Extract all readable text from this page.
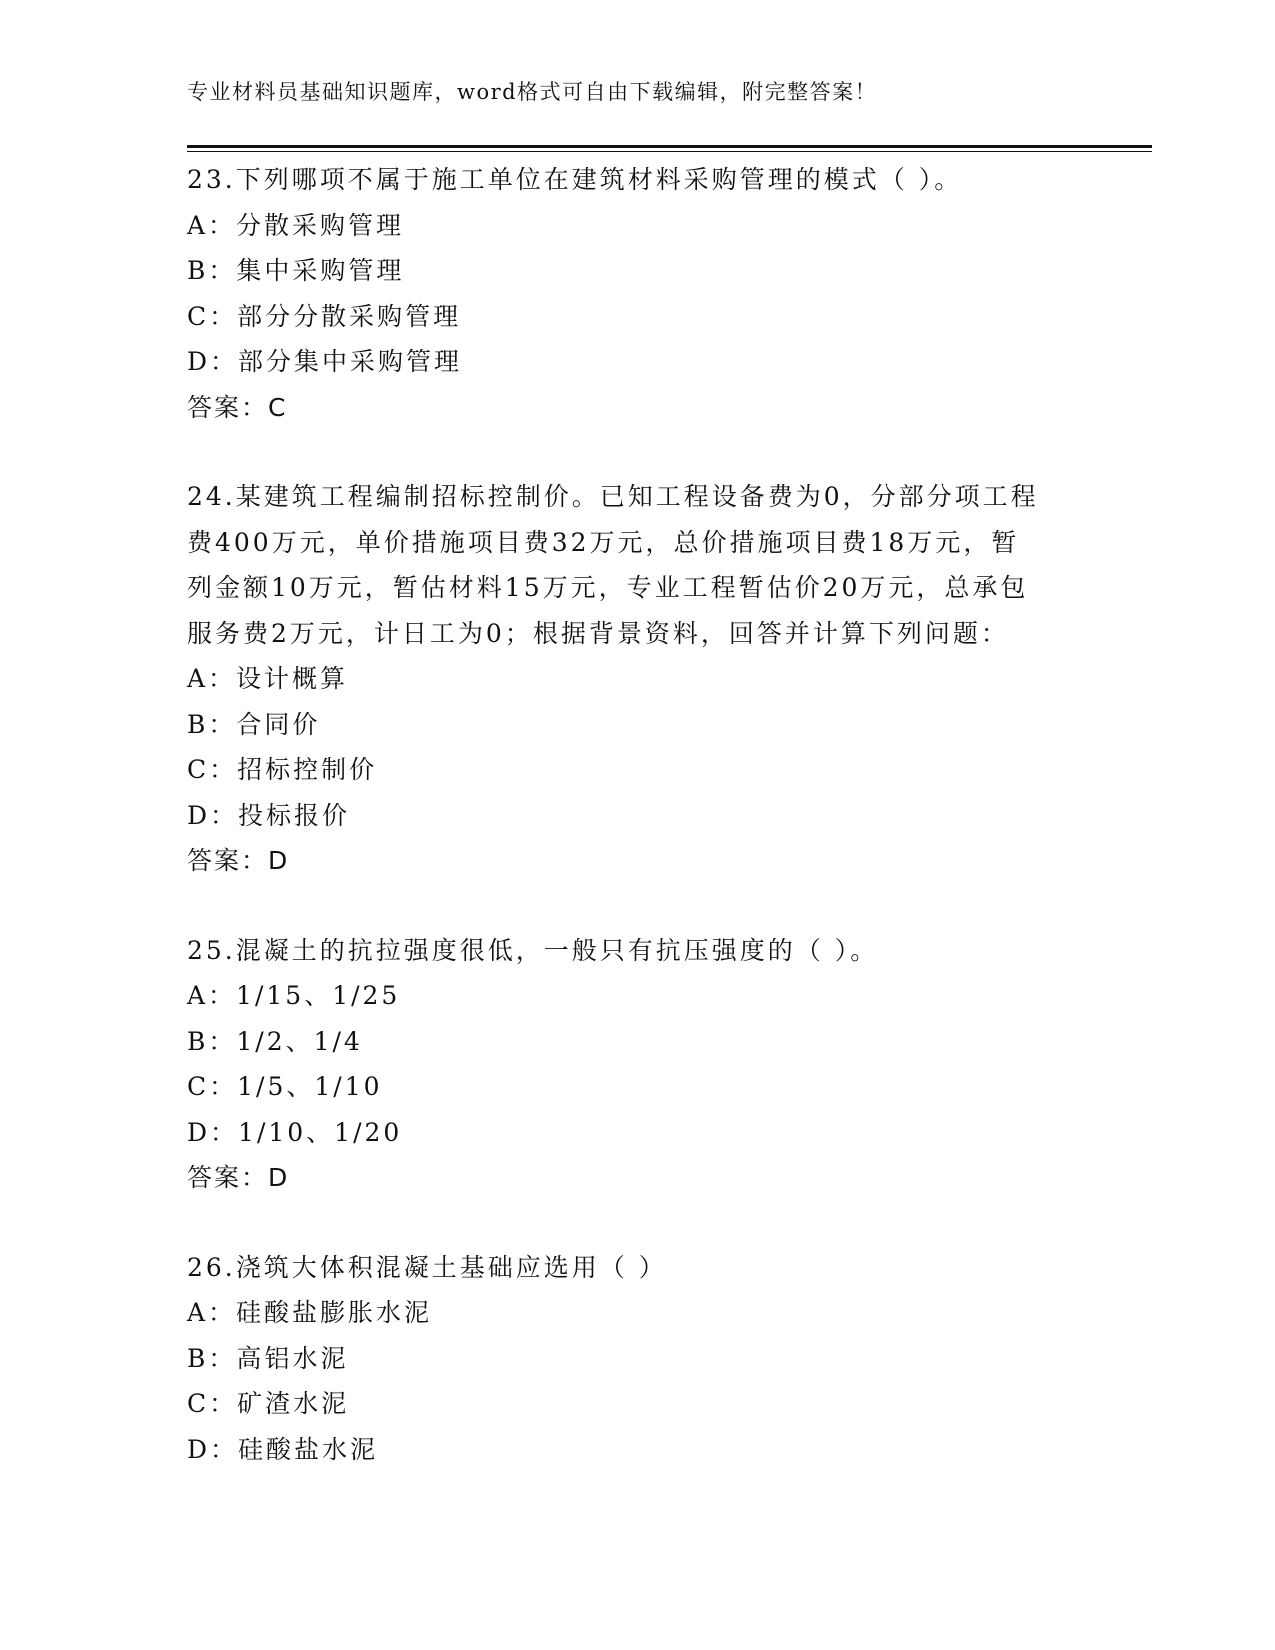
专业材料员基础知识题库，word格式可自由下载编辑，附完整答案！

23.下列哪项不属于施工单位在建筑材料采购管理的模式（ ）。

A：分散采购管理

B：集中采购管理

C：部分分散采购管理

D：部分集中采购管理

答案：C

24.某建筑工程编制招标控制价。已知工程设备费为0，分部分项工程

费400万元，单价措施项目费32万元，总价措施项目费18万元，暂

列金额10万元，暂估材料15万元，专业工程暂估价20万元，总承包

服务费2万元，计日工为0；根据背景资料，回答并计算下列问题：

A：设计概算

B：合同价

C：招标控制价

D：投标报价

答案：D

25.混凝土的抗拉强度很低，一般只有抗压强度的（ ）。

A：1/15、1/25

B：1/2、1/4

C：1/5、1/10

D：1/10、1/20

答案：D

26.浇筑大体积混凝土基础应选用（ ）

A：硅酸盐膨胀水泥

B：高铝水泥

C：矿渣水泥

D：硅酸盐水泥
